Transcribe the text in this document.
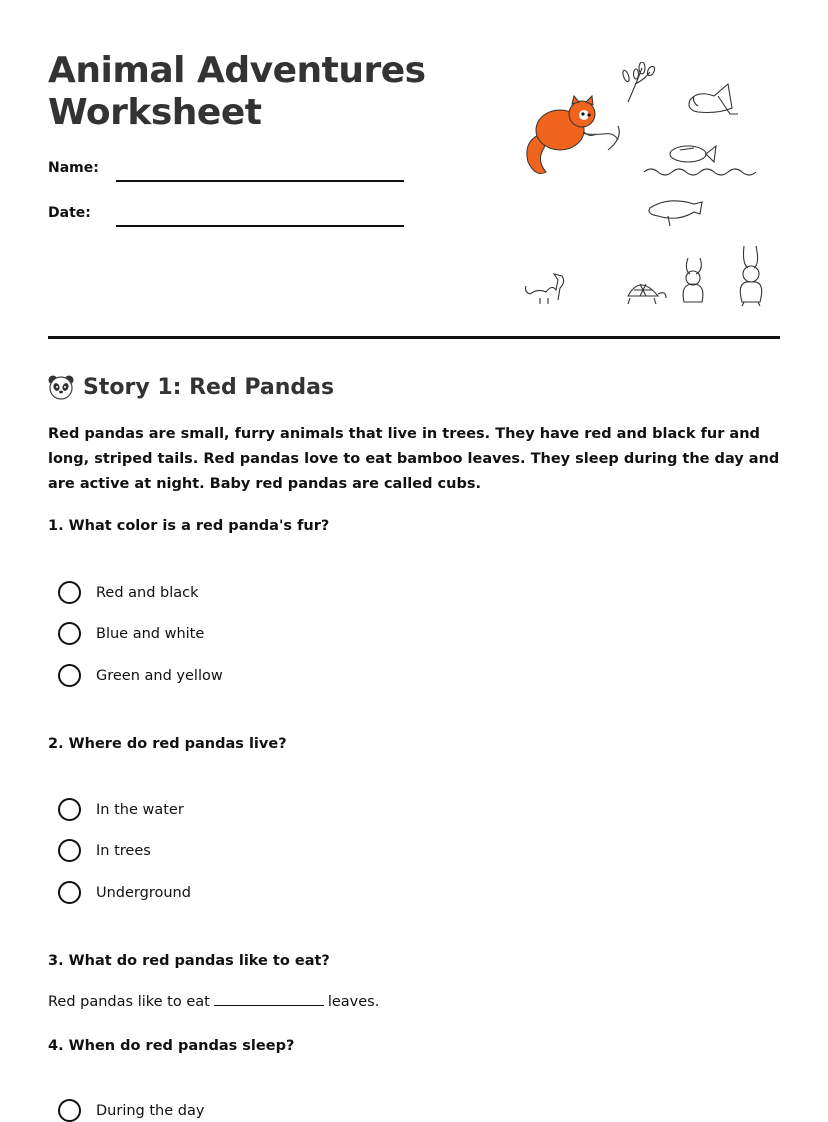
Animal Adventures
Worksheet
Name:
Date:
Story 1: Red Pandas

Red pandas are small, furry animals that live in trees. They have red and black fur and long, striped tails. Red pandas love to eat bamboo leaves. They sleep during the day and are active at night. Baby red pandas are called cubs.

1. What color is a red panda's fur?
Red and black
Blue and white
Green and yellow
2. Where do red pandas live?
In the water
In trees
Underground
3. What do red pandas like to eat?
Red pandas like to eat	leaves.
4. When do red pandas sleep?
During the day
